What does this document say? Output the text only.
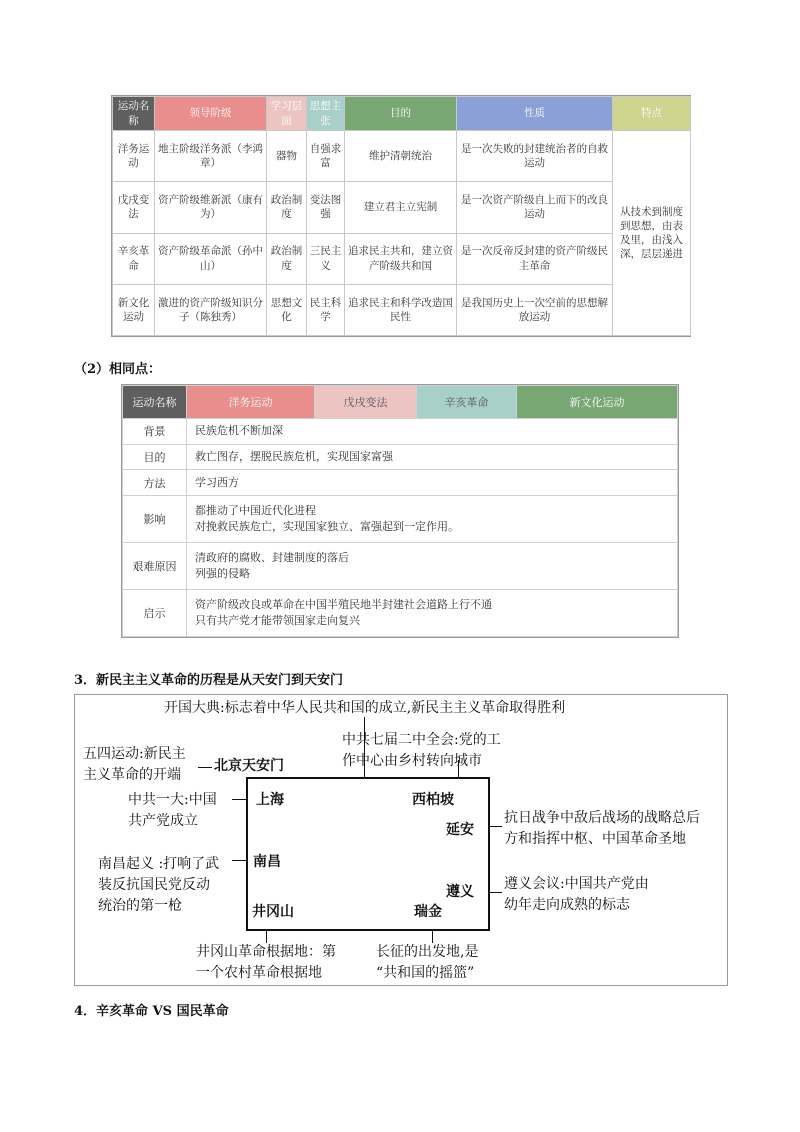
运动名称	领导阶级	学习层面	思想主张	目的	性质	特点
洋务运动	地主阶级洋务派（李鸿章）	器物	自强求富	维护清朝统治	是一次失败的封建统治者的自救运动	从技术到制度到思想，由表及里，由浅入深，层层递进
戊戌变法	资产阶级维新派（康有为）	政治制度	变法图强	建立君主立宪制	是一次资产阶级自上而下的改良运动	
辛亥革命	资产阶级革命派（孙中山）	政治制度	三民主义	追求民主共和，建立资产阶级共和国	是一次反帝反封建的资产阶级民主革命	
新文化运动	激进的资产阶级知识分子（陈独秀）	思想文化	民主科学	追求民主和科学改造国民性	是我国历史上一次空前的思想解放运动	
（2）相同点：
运动名称	洋务运动	戊戌变法	辛亥革命	新文化运动
背景	民族危机不断加深			
目的	救亡图存，摆脱民族危机，实现国家富强			
方法	学习西方			
影响	都推动了中国近代化进程
对挽救民族危亡，实现国家独立、富强起到一定作用。			
艰难原因	清政府的腐败、封建制度的落后
列强的侵略			
启示	资产阶级改良或革命在中国半殖民地半封建社会道路上行不通
只有共产党才能带领国家走向复兴			
3．新民主主义革命的历程是从天安门到天安门
开国大典:标志着中华人民共和国的成立,新民主主义革命取得胜利
五四运动:新民主
主义革命的开端
北京天安门
中共七届二中全会:党的工
作中心由乡村转向城市
中共一大:中国
共产党成立
上海	西柏坡
延安
抗日战争中敌后战场的战略总后
方和指挥中枢、中国革命圣地
南昌起义 :打响了武
装反抗国民党反动
统治的第一枪
南昌
遵义 遵义会议:中国共产党由
幼年走向成熟的标志
井冈山	瑞金
井冈山革命根据地：第
一个农村革命根据地
长征的出发地,是
“共和国的摇篮”
4．辛亥革命 VS 国民革命
